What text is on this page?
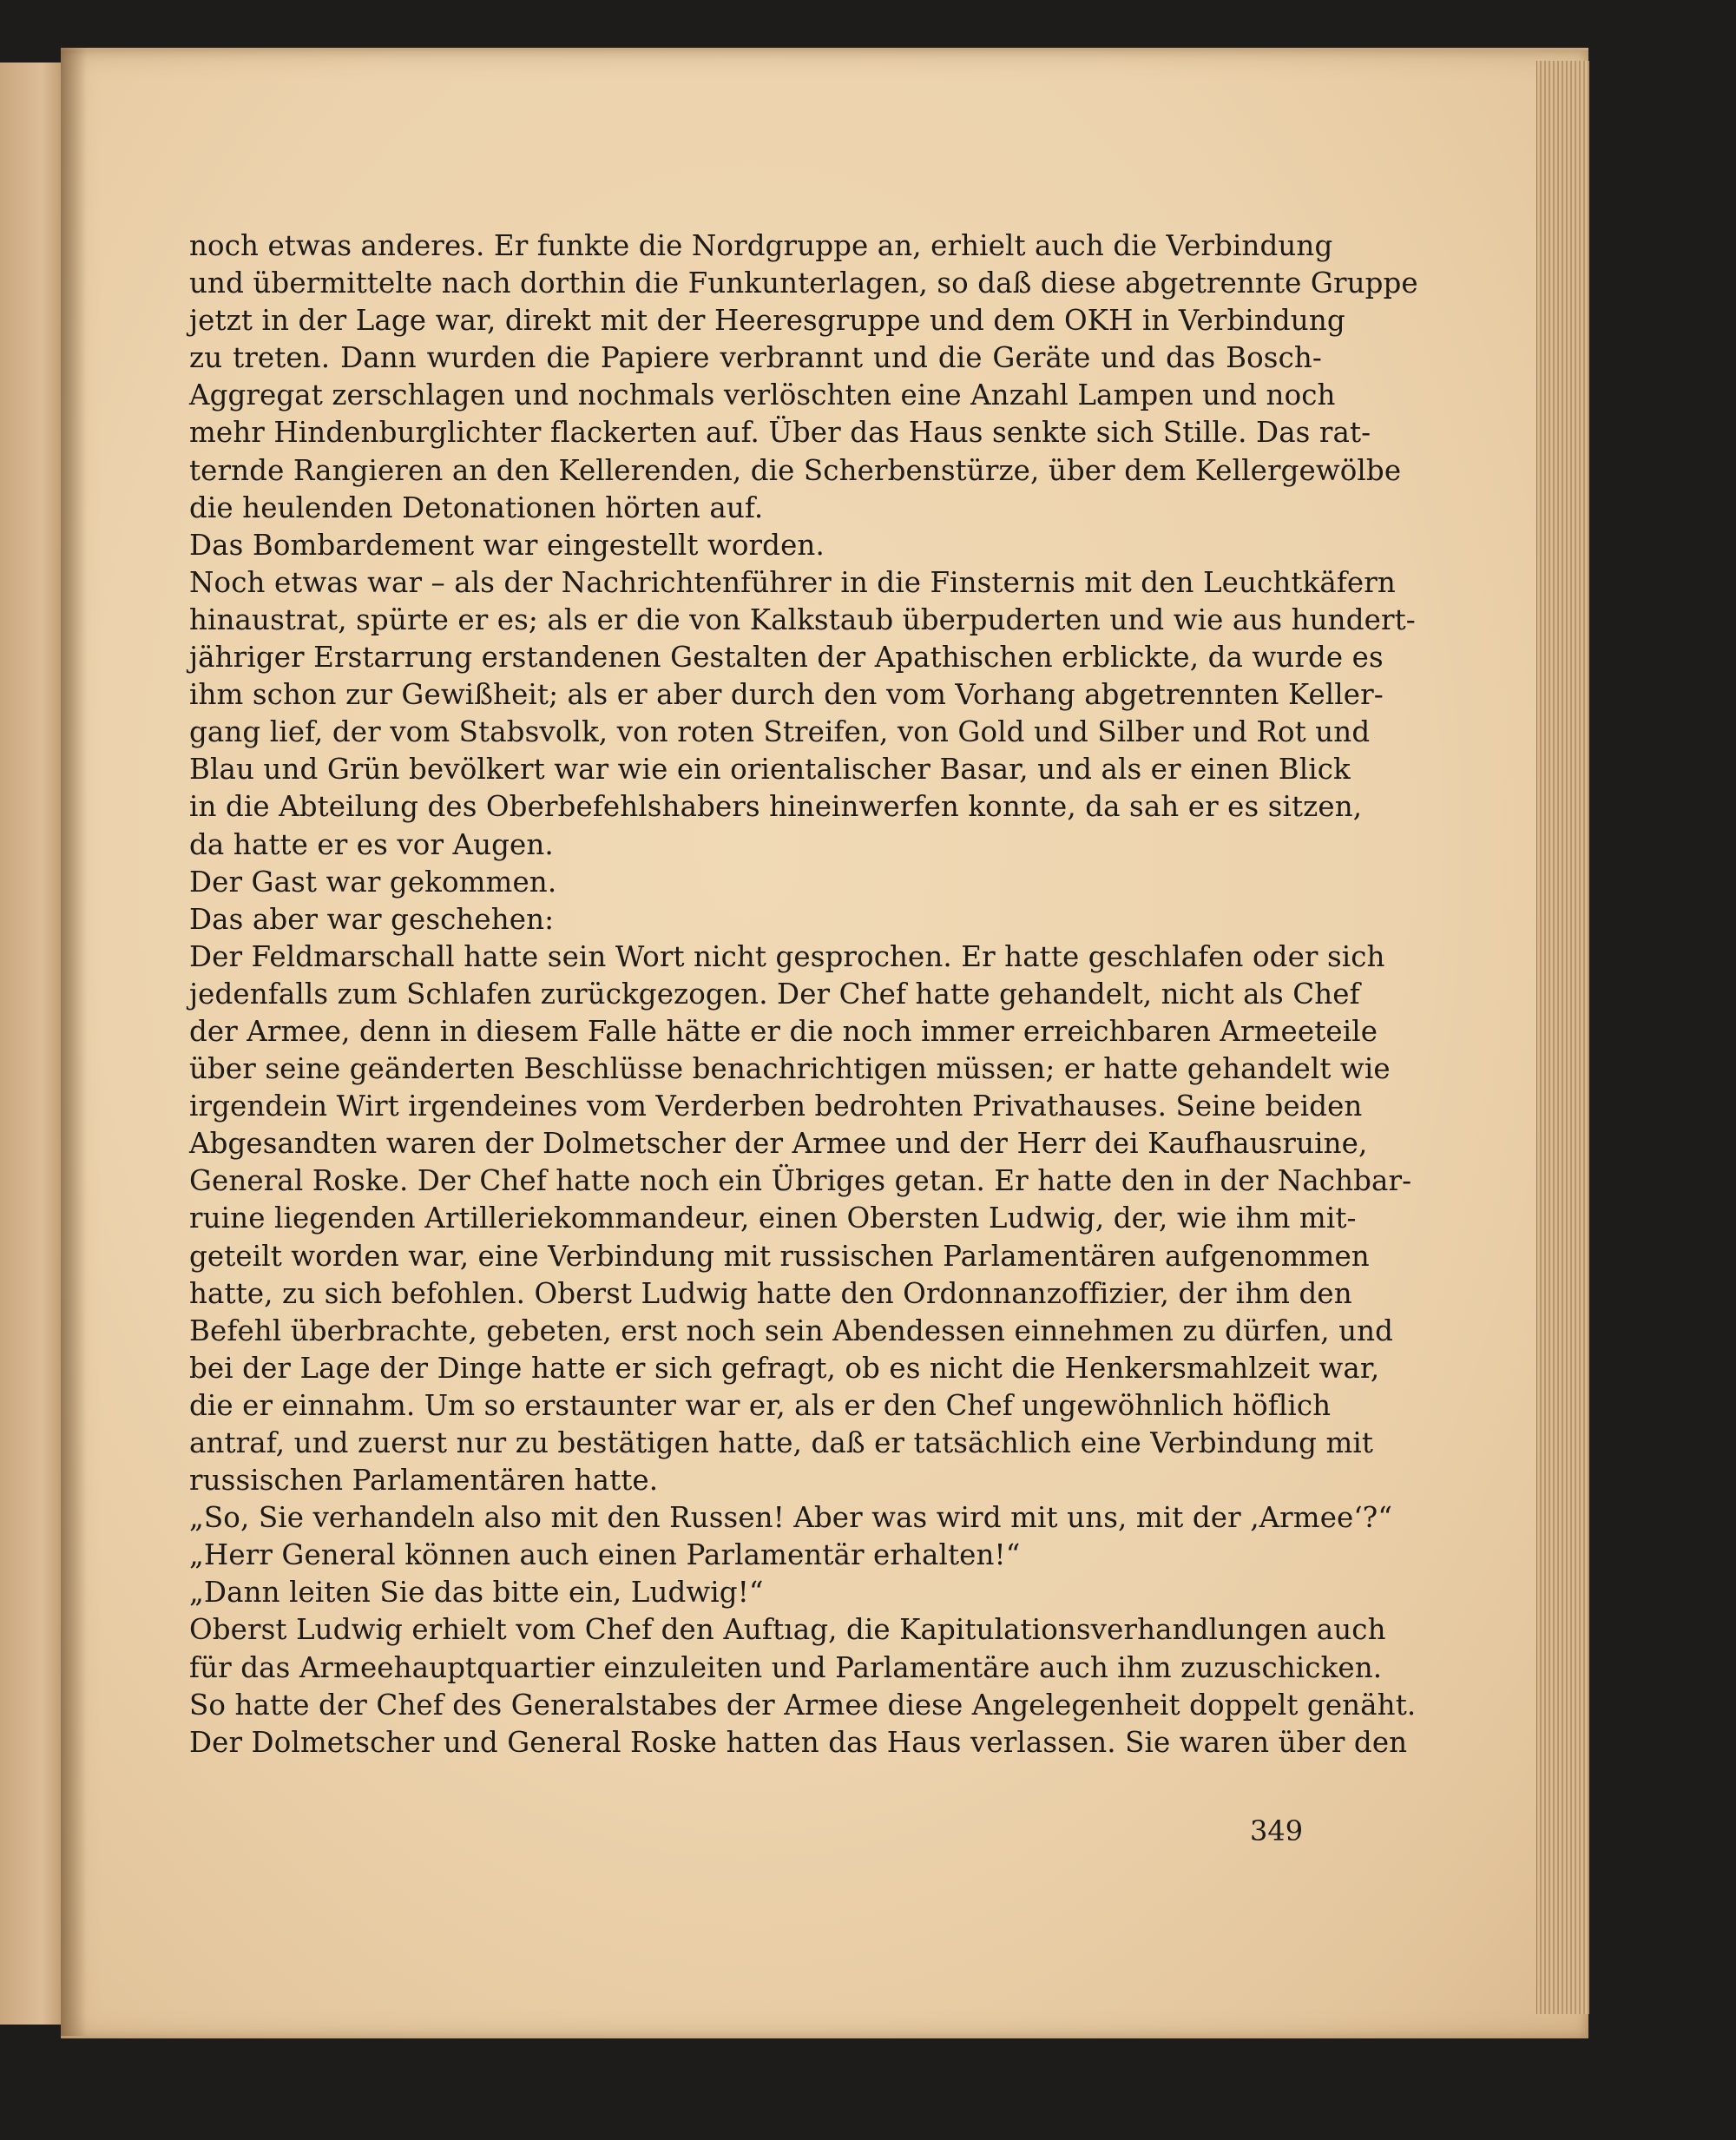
noch etwas anderes. Er funkte die Nordgruppe an, erhielt auch die Verbindung
und übermittelte nach dorthin die Funkunterlagen, so daß diese abgetrennte Gruppe
jetzt in der Lage war, direkt mit der Heeresgruppe und dem OKH in Verbindung
zu treten. Dann wurden die Papiere verbrannt und die Geräte und das Bosch-
Aggregat zerschlagen und nochmals verlöschten eine Anzahl Lampen und noch
mehr Hindenburglichter flackerten auf. Über das Haus senkte sich Stille. Das rat-
ternde Rangieren an den Kellerenden, die Scherbenstürze, über dem Kellergewölbe
die heulenden Detonationen hörten auf.
Das Bombardement war eingestellt worden.
Noch etwas war – als der Nachrichtenführer in die Finsternis mit den Leuchtkäfern
hinaustrat, spürte er es; als er die von Kalkstaub überpuderten und wie aus hundert-
jähriger Erstarrung erstandenen Gestalten der Apathischen erblickte, da wurde es
ihm schon zur Gewißheit; als er aber durch den vom Vorhang abgetrennten Keller-
gang lief, der vom Stabsvolk, von roten Streifen, von Gold und Silber und Rot und
Blau und Grün bevölkert war wie ein orientalischer Basar, und als er einen Blick
in die Abteilung des Oberbefehlshabers hineinwerfen konnte, da sah er es sitzen,
da hatte er es vor Augen.
Der Gast war gekommen.
Das aber war geschehen:
Der Feldmarschall hatte sein Wort nicht gesprochen. Er hatte geschlafen oder sich
jedenfalls zum Schlafen zurückgezogen. Der Chef hatte gehandelt, nicht als Chef
der Armee, denn in diesem Falle hätte er die noch immer erreichbaren Armeeteile
über seine geänderten Beschlüsse benachrichtigen müssen; er hatte gehandelt wie
irgendein Wirt irgendeines vom Verderben bedrohten Privathauses. Seine beiden
Abgesandten waren der Dolmetscher der Armee und der Herr dei Kaufhausruine,
General Roske. Der Chef hatte noch ein Übriges getan. Er hatte den in der Nachbar-
ruine liegenden Artilleriekommandeur, einen Obersten Ludwig, der, wie ihm mit-
geteilt worden war, eine Verbindung mit russischen Parlamentären aufgenommen
hatte, zu sich befohlen. Oberst Ludwig hatte den Ordonnanzoffizier, der ihm den
Befehl überbrachte, gebeten, erst noch sein Abendessen einnehmen zu dürfen, und
bei der Lage der Dinge hatte er sich gefragt, ob es nicht die Henkersmahlzeit war,
die er einnahm. Um so erstaunter war er, als er den Chef ungewöhnlich höflich
antraf, und zuerst nur zu bestätigen hatte, daß er tatsächlich eine Verbindung mit
russischen Parlamentären hatte.
„So, Sie verhandeln also mit den Russen! Aber was wird mit uns, mit der ‚Armee‘?“
„Herr General können auch einen Parlamentär erhalten!“
„Dann leiten Sie das bitte ein, Ludwig!“
Oberst Ludwig erhielt vom Chef den Auftıag, die Kapitulationsverhandlungen auch
für das Armeehauptquartier einzuleiten und Parlamentäre auch ihm zuzuschicken.
So hatte der Chef des Generalstabes der Armee diese Angelegenheit doppelt genäht.
Der Dolmetscher und General Roske hatten das Haus verlassen. Sie waren über den
349
